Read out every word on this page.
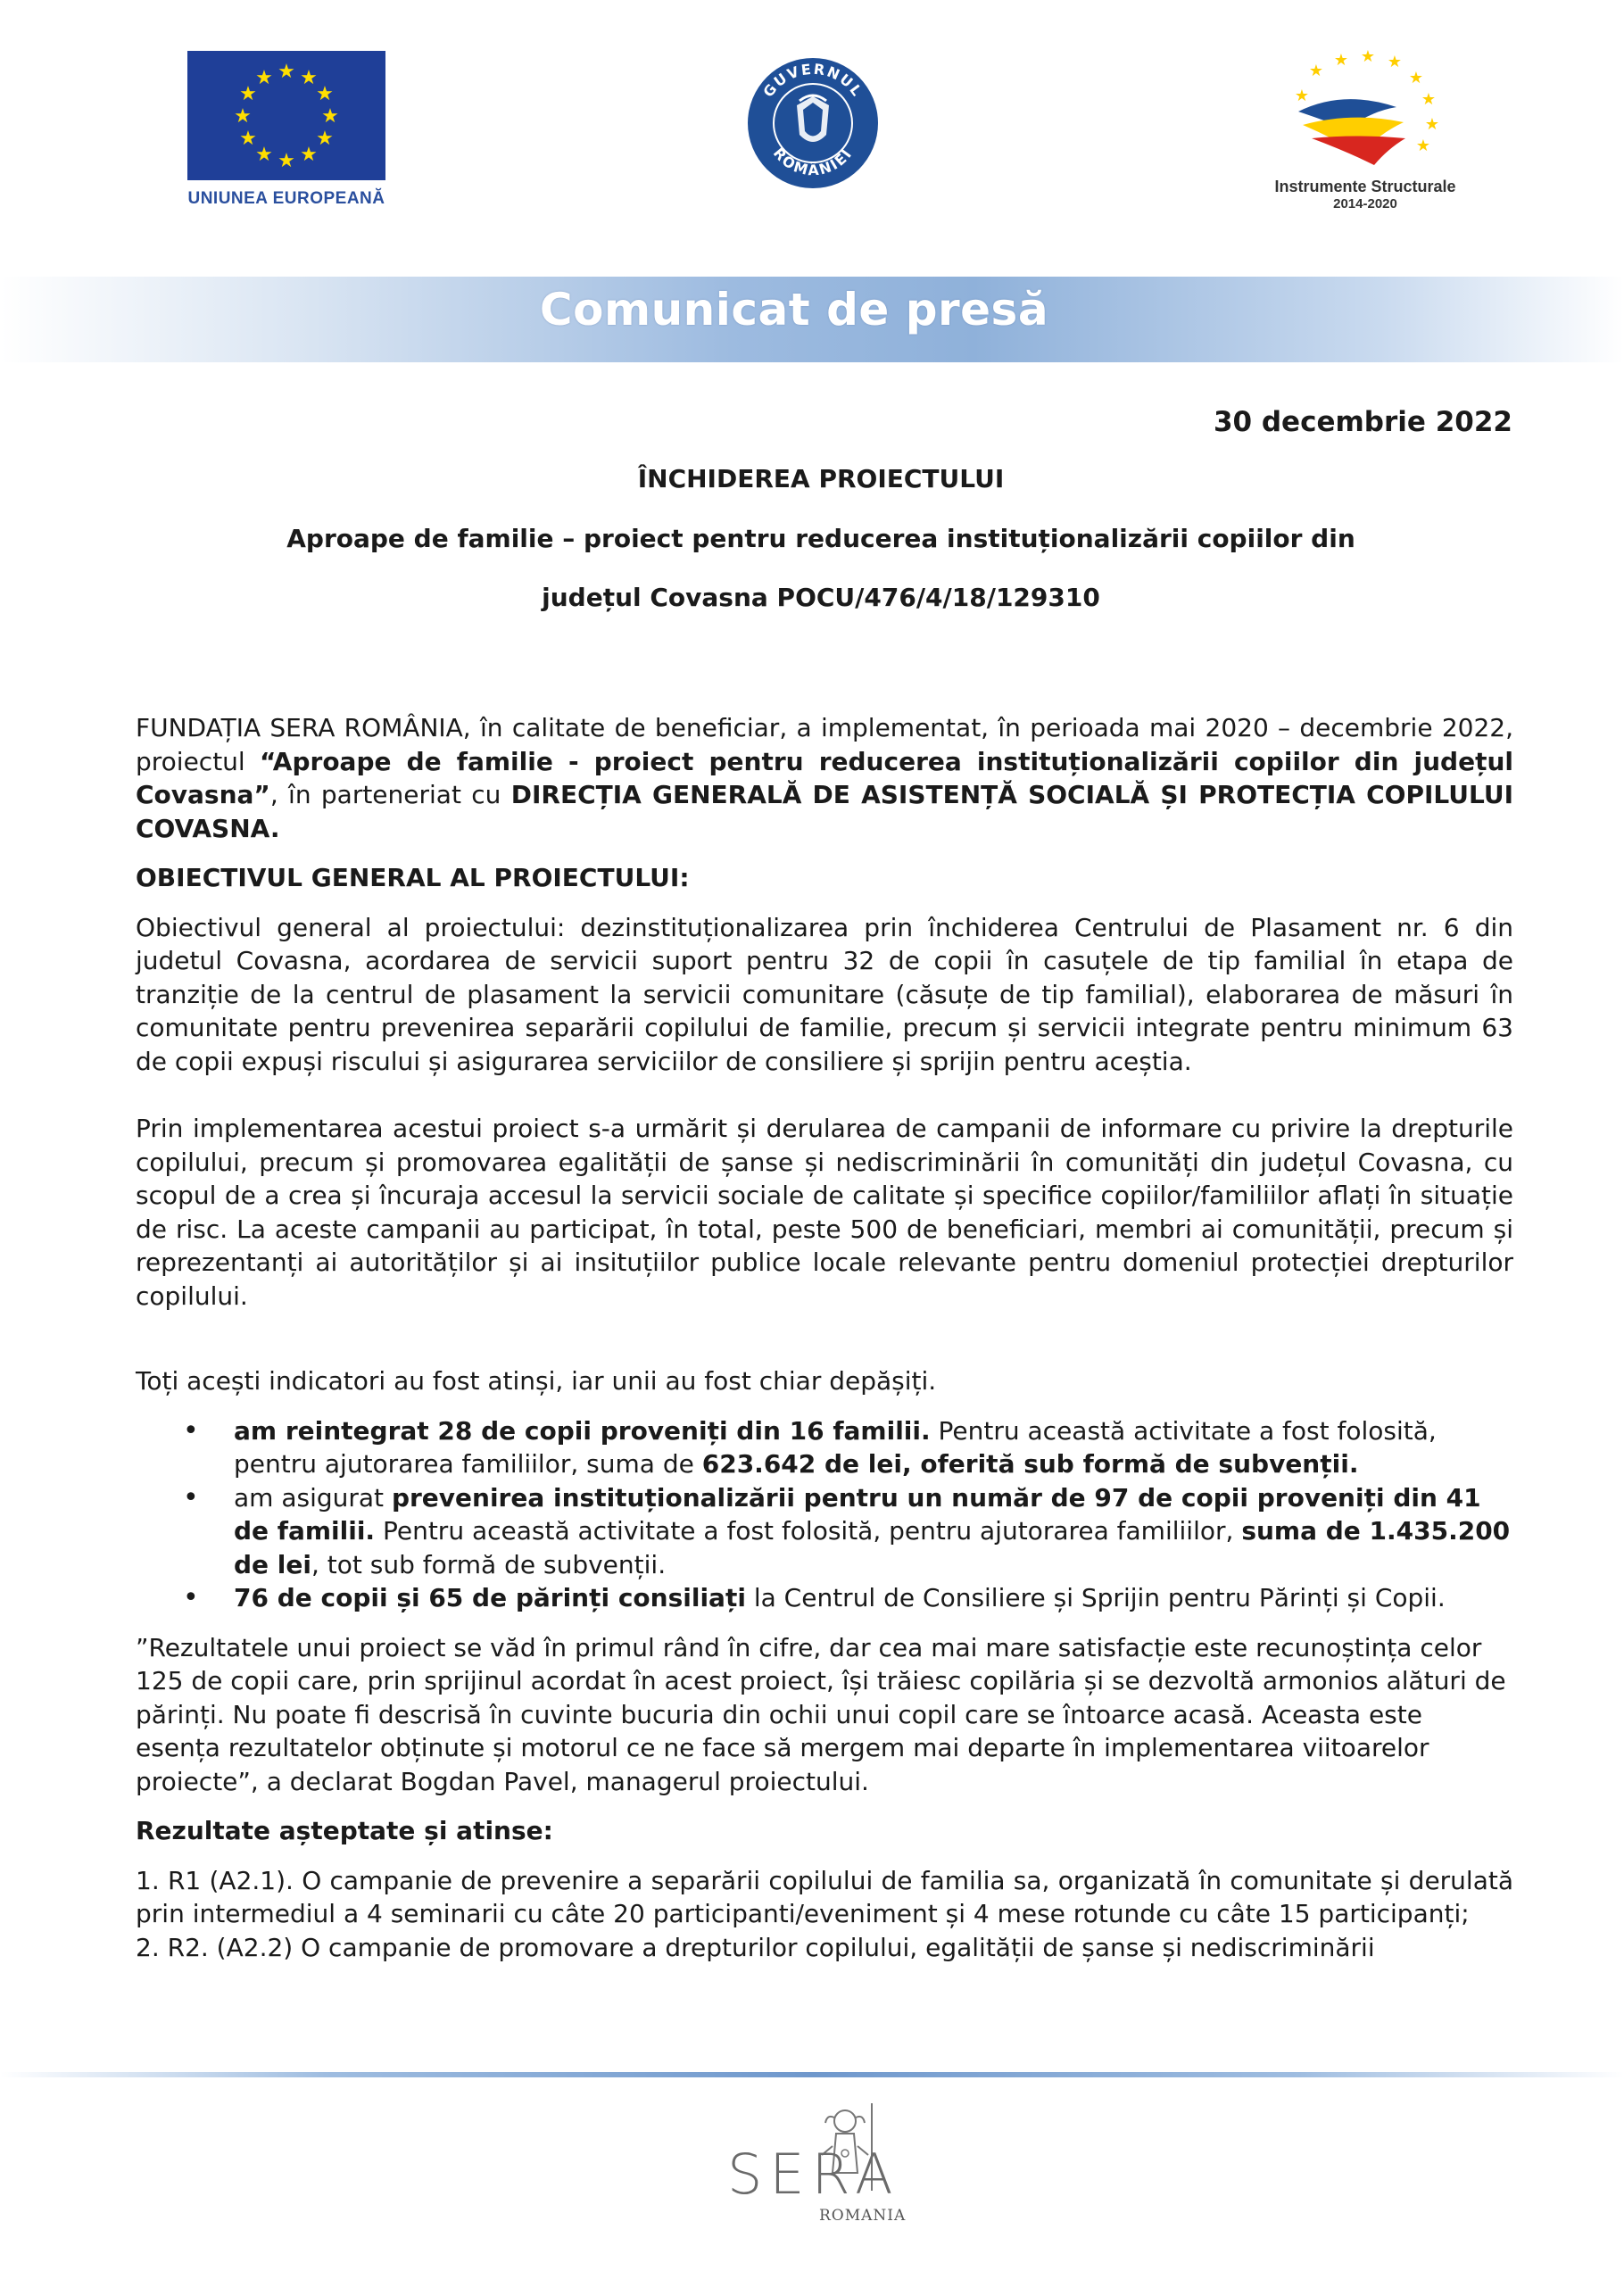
★ ★
★
★
★
★
★
★
★
★
★
★
UNIUNEA EUROPEANĂ
GUVERNUL
ROMÂNIEI
★
★ ★ ★
★
★
★
★
★
Instrumente Structurale
2014-2020
Comunicat de presă
30 decembrie 2022
ÎNCHIDEREA PROIECTULUI
Aproape de familie – proiect pentru reducerea instituționalizării copiilor din
județul Covasna POCU/476/4/18/129310

FUNDAȚIA SERA ROMÂNIA, în calitate de beneficiar, a implementat, în perioada mai 2020 – decembrie 2022, proiectul “Aproape de familie - proiect pentru reducerea instituționalizării copiilor din județul Covasna”, în parteneriat cu DIRECȚIA GENERALĂ DE ASISTENȚĂ SOCIALĂ ȘI PROTECȚIA COPILULUI COVASNA.

OBIECTIVUL GENERAL AL PROIECTULUI:

Obiectivul general al proiectului: dezinstituționalizarea prin închiderea Centrului de Plasament nr. 6 din judetul Covasna, acordarea de servicii suport pentru 32 de copii în casuțele de tip familial în etapa de tranziție de la centrul de plasament la servicii comunitare (căsuțe de tip familial), elaborarea de măsuri în comunitate pentru prevenirea separării copilului de familie, precum și servicii integrate pentru minimum 63 de copii expuși riscului și asigurarea serviciilor de consiliere și sprijin pentru aceștia.

Prin implementarea acestui proiect s-a urmărit și derularea de campanii de informare cu privire la drepturile copilului, precum și promovarea egalității de șanse și nediscriminării în comunități din județul Covasna, cu scopul de a crea și încuraja accesul la servicii sociale de calitate și specifice copiilor/familiilor aflați în situație de risc. La aceste campanii au participat, în total, peste 500 de beneficiari, membri ai comunității, precum și reprezentanți ai autorităților și ai insituțiilor publice locale relevante pentru domeniul protecției drepturilor copilului.

Toți acești indicatori au fost atinși, iar unii au fost chiar depășiți.

• am reintegrat 28 de copii proveniți din 16 familii. Pentru această activitate a fost folosită, pentru ajutorarea familiilor, suma de 623.642 de lei, oferită sub formă de subvenții.
• am asigurat prevenirea instituționalizării pentru un număr de 97 de copii proveniți din 41 de familii. Pentru această activitate a fost folosită, pentru ajutorarea familiilor, suma de 1.435.200 de lei, tot sub formă de subvenții.
• 76 de copii și 65 de părinți consiliați la Centrul de Consiliere și Sprijin pentru Părinți și Copii.

”Rezultatele unui proiect se văd în primul rând în cifre, dar cea mai mare satisfacție este recunoștința celor 125 de copii care, prin sprijinul acordat în acest proiect, își trăiesc copilăria și se dezvoltă armonios alături de părinți. Nu poate fi descrisă în cuvinte bucuria din ochii unui copil care se întoarce acasă. Aceasta este esența rezultatelor obținute și motorul ce ne face să mergem mai departe în implementarea viitoarelor proiecte”, a declarat Bogdan Pavel, managerul proiectului.

Rezultate așteptate și atinse:

1. R1 (A2.1). O campanie de prevenire a separării copilului de familia sa, organizată în comunitate și derulată prin intermediul a 4 seminarii cu câte 20 participanti/eveniment și 4 mese rotunde cu câte 15 participanți;

2. R2. (A2.2) O campanie de promovare a drepturilor copilului, egalității de șanse și nediscriminării

SERA
ROMANIA
